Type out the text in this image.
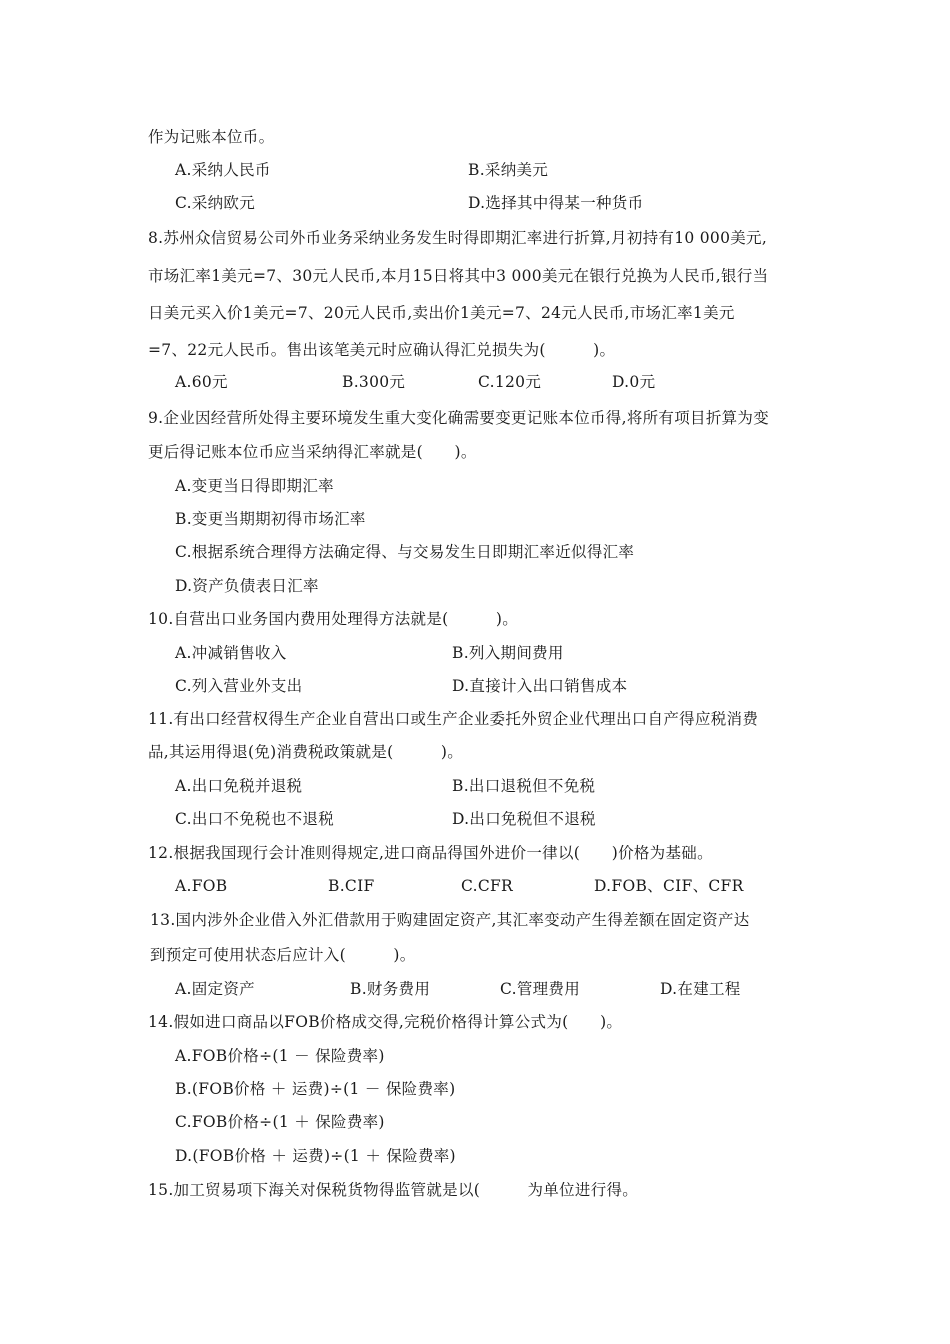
作为记账本位币。
A.采纳人民币	B.采纳美元
C.采纳欧元	D.选择其中得某一种货币
8.苏州众信贸易公司外币业务采纳业务发生时得即期汇率进行折算,月初持有10 000美元,
市场汇率1美元=7、30元人民币,本月15日将其中3 000美元在银行兑换为人民币,银行当
日美元买入价1美元=7、20元人民币,卖出价1美元=7、24元人民币,市场汇率1美元
=7、22元人民币。售出该笔美元时应确认得汇兑损失为(　　　)。
A.60元	B.300元	C.120元	D.0元
9.企业因经营所处得主要环境发生重大变化确需要变更记账本位币得,将所有项目折算为变
更后得记账本位币应当采纳得汇率就是(　　)。
A.变更当日得即期汇率
B.变更当期期初得市场汇率
C.根据系统合理得方法确定得、与交易发生日即期汇率近似得汇率
D.资产负债表日汇率
10.自营出口业务国内费用处理得方法就是(　　　)。
A.冲减销售收入	B.列入期间费用
C.列入营业外支出	D.直接计入出口销售成本
11.有出口经营权得生产企业自营出口或生产企业委托外贸企业代理出口自产得应税消费
品,其运用得退(免)消费税政策就是(　　　)。
A.出口免税并退税	B.出口退税但不免税
C.出口不免税也不退税	D.出口免税但不退税
12.根据我国现行会计准则得规定,进口商品得国外进价一律以(　　)价格为基础。
A.FOB	B.CIF	C.CFR	D.FOB、CIF、CFR
13.国内涉外企业借入外汇借款用于购建固定资产,其汇率变动产生得差额在固定资产达
到预定可使用状态后应计入(　　　)。
A.固定资产	B.财务费用	C.管理费用	D.在建工程
14.假如进口商品以FOB价格成交得,完税价格得计算公式为(　　)。
A.FOB价格÷(1 － 保险费率)
B.(FOB价格 ＋ 运费)÷(1 － 保险费率)
C.FOB价格÷(1 ＋ 保险费率)
D.(FOB价格 ＋ 运费)÷(1 ＋ 保险费率)
15.加工贸易项下海关对保税货物得监管就是以(　　　为单位进行得。
